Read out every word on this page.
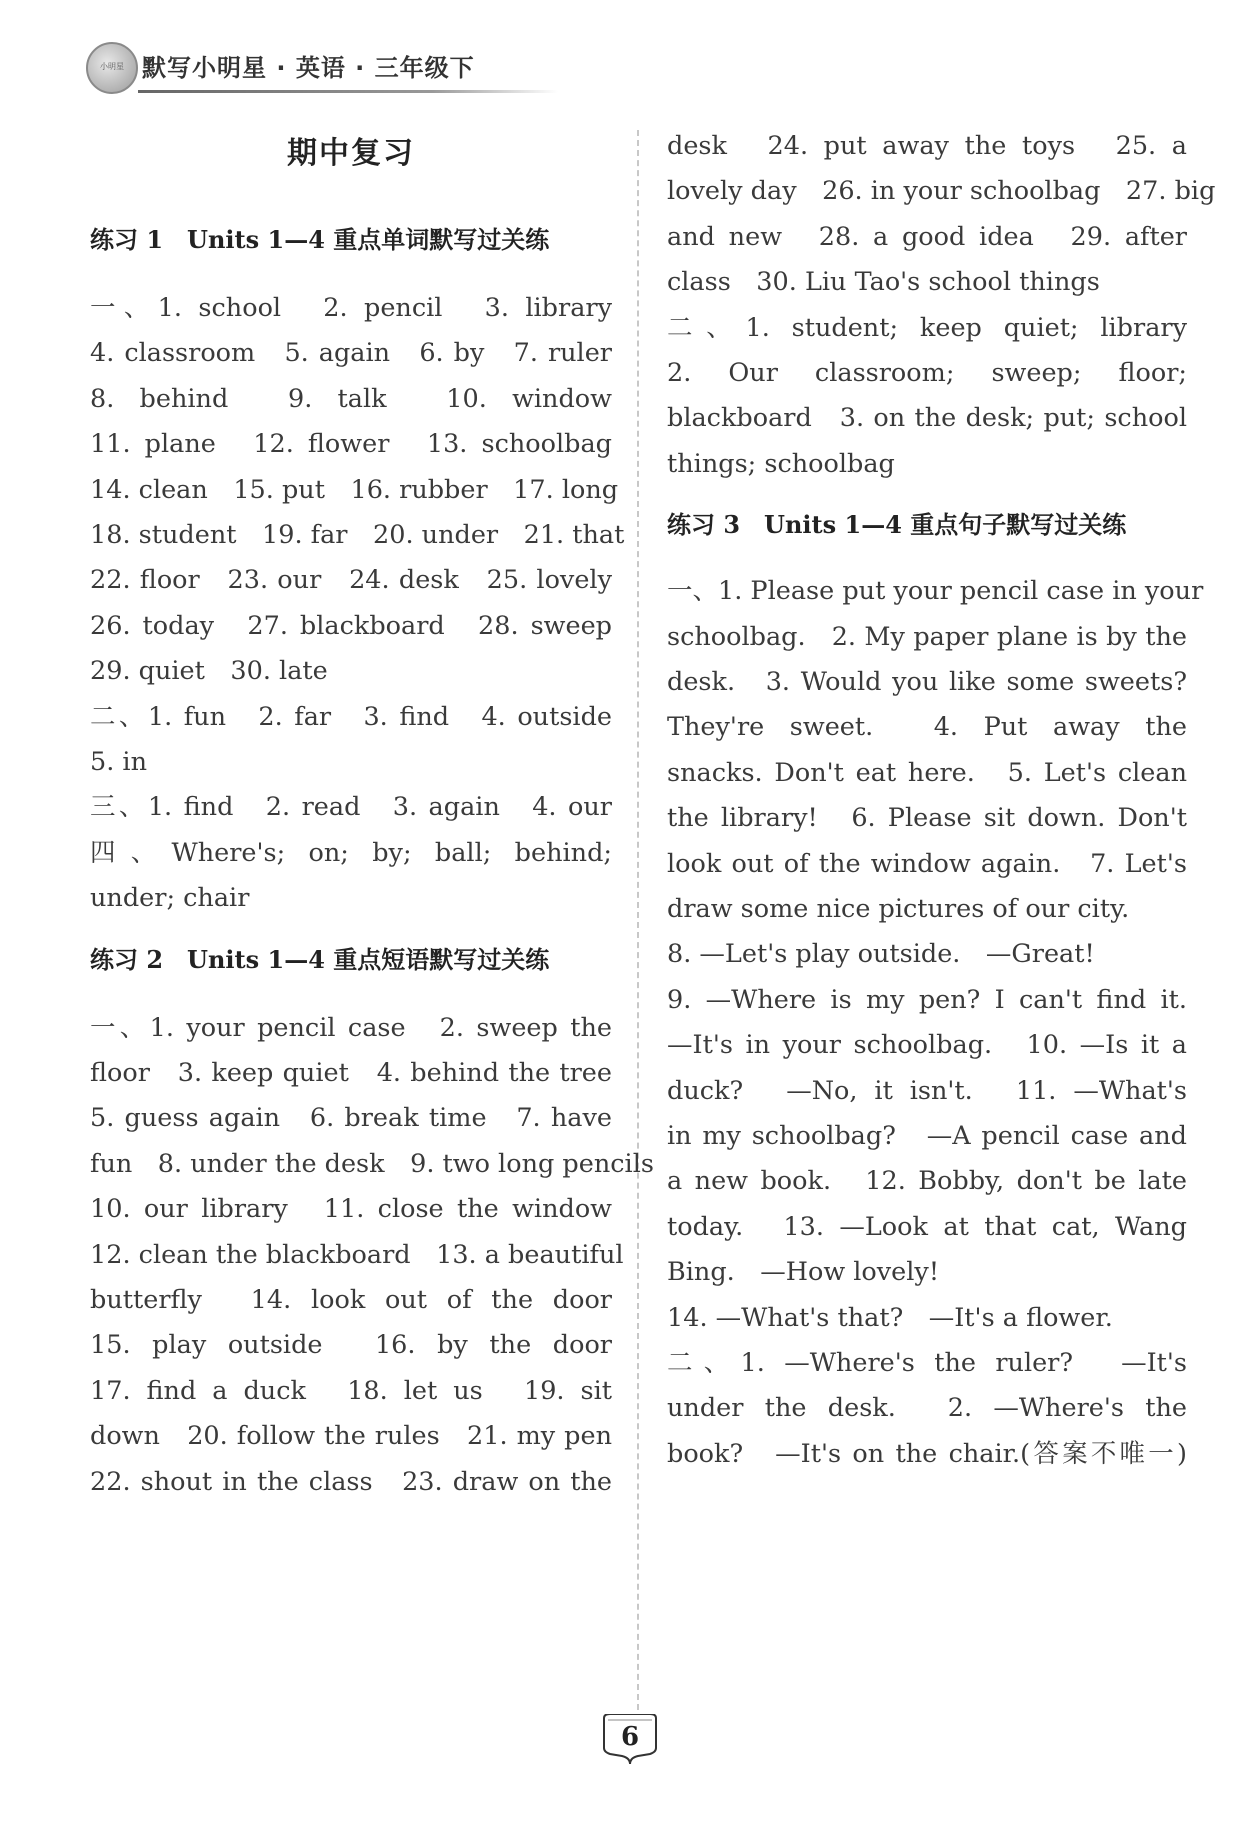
小明星 默写小明星 · 英语 · 三年级下
期中复习
练习 1　Units 1—4 重点单词默写过关练
一、1. school　2. pencil　3. library
4. classroom　5. again　6. by　7. ruler
8. behind　9. talk　10. window
11. plane　12. flower　13. schoolbag
14. clean　15. put　16. rubber　17. long
18. student　19. far　20. under　21. that
22. floor　23. our　24. desk　25. lovely
26. today　27. blackboard　28. sweep
29. quiet　30. late
二、1. fun　2. far　3. find　4. outside
5. in
三、1. find　2. read　3. again　4. our
四、Where's; on; by; ball; behind;
under; chair
练习 2　Units 1—4 重点短语默写过关练
一、1. your pencil case　2. sweep the
floor　3. keep quiet　4. behind the tree
5. guess again　6. break time　7. have
fun　8. under the desk　9. two long pencils
10. our library　11. close the window
12. clean the blackboard　13. a beautiful
butterfly　14. look out of the door
15. play outside　16. by the door
17. find a duck　18. let us　19. sit
down　20. follow the rules　21. my pen
22. shout in the class　23. draw on the
desk　24. put away the toys　25. a
lovely day　26. in your schoolbag　27. big
and new　28. a good idea　29. after
class　30. Liu Tao's school things
二、1. student; keep quiet; library
2. Our classroom; sweep; floor;
blackboard　3. on the desk; put; school
things; schoolbag
练习 3　Units 1—4 重点句子默写过关练
一、1. Please put your pencil case in your
schoolbag.　2. My paper plane is by the
desk.　3. Would you like some sweets?
They're sweet.　4. Put away the
snacks. Don't eat here.　5. Let's clean
the library!　6. Please sit down. Don't
look out of the window again.　7. Let's
draw some nice pictures of our city.
8. —Let's play outside.　—Great!
9. —Where is my pen? I can't find it.
—It's in your schoolbag.　10. —Is it a
duck?　—No, it isn't.　11. —What's
in my schoolbag?　—A pencil case and
a new book.　12. Bobby, don't be late
today.　13. —Look at that cat, Wang
Bing.　—How lovely!
14. —What's that?　—It's a flower.
二、1. —Where's the ruler?　—It's
under the desk.　2. —Where's the
book?　—It's on the chair.(答案不唯一)
6
